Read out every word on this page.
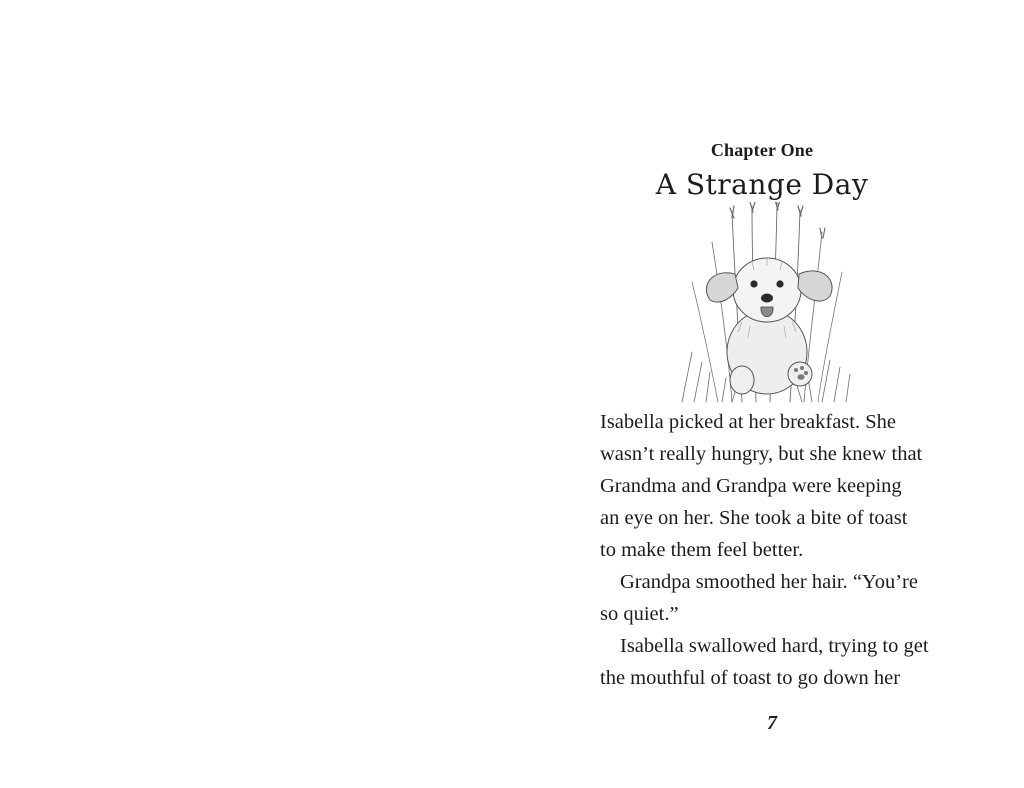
Chapter One
A Strange Day
Isabella picked at her breakfast. She
wasn’t really hungry, but she knew that
Grandma and Grandpa were keeping
an eye on her. She took a bite of toast
to make them feel better.
Grandpa smoothed her hair. “You’re
so quiet.”
Isabella swallowed hard, trying to get
the mouthful of toast to go down her
7
